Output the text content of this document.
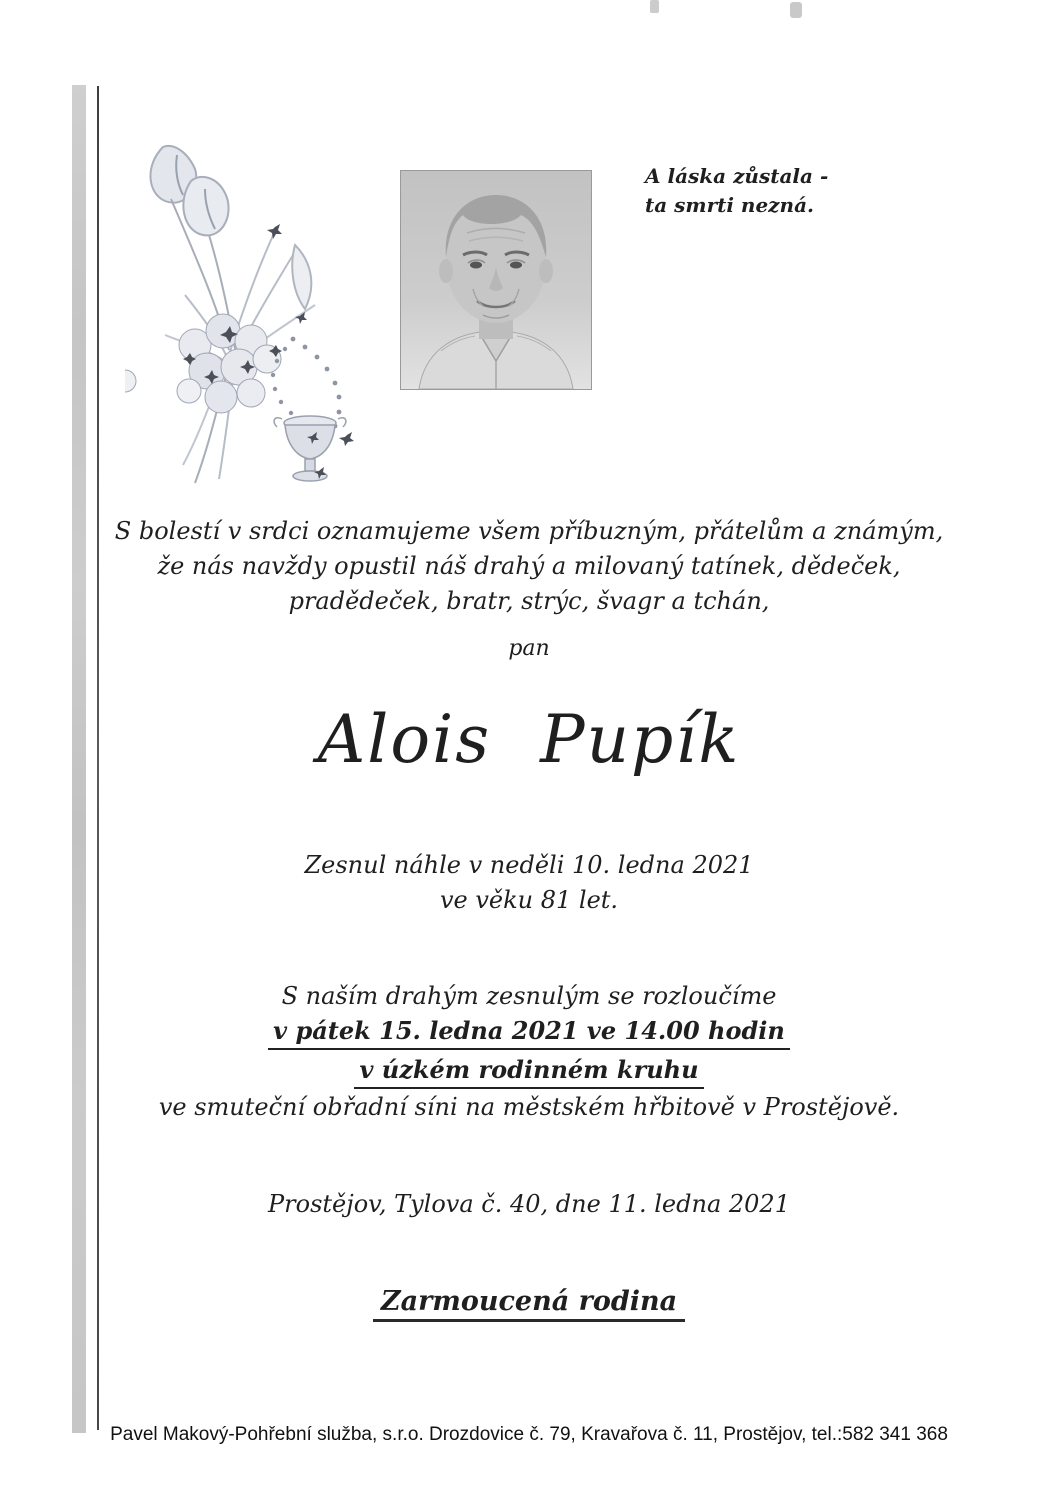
A láska zůstala -
ta smrti nezná.
S bolestí v srdci oznamujeme všem příbuzným, přátelům a známým,
že nás navždy opustil náš drahý a milovaný tatínek, dědeček,
pradědeček, bratr, strýc, švagr a tchán,
pan
Alois Pupík
Zesnul náhle v neděli 10. ledna 2021
ve věku 81 let.
S naším drahým zesnulým se rozloučíme
v pátek 15. ledna 2021 ve 14.00 hodin
v úzkém rodinném kruhu
ve smuteční obřadní síni na městském hřbitově v Prostějově.
Prostějov, Tylova č. 40, dne 11. ledna 2021
Zarmoucená rodina
Pavel Makový-Pohřební služba, s.r.o. Drozdovice č. 79, Kravařova č. 11, Prostějov, tel.:582 341 368
